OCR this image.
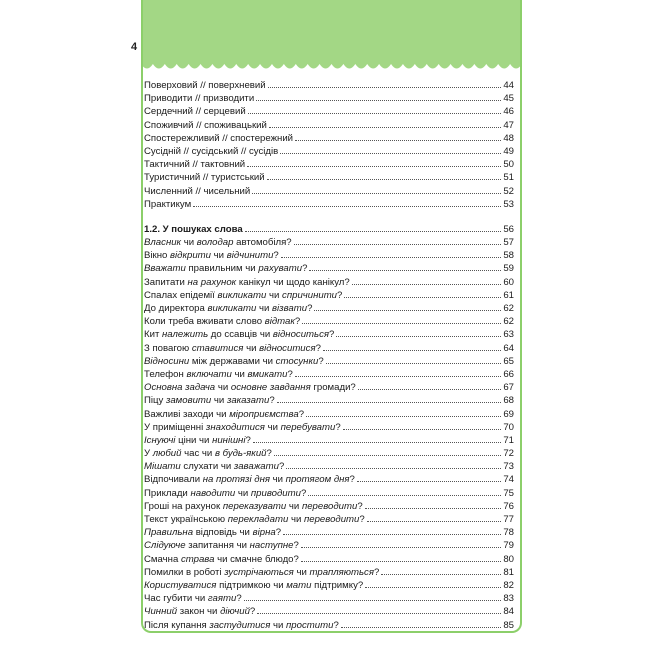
4
Поверховий // поверхневий	44
Приводити // призводити	45
Сердечний // серцевий	46
Споживчий // споживацький	47
Спостережливий // спостережний	48
Сусідній // сусідський // сусідів	49
Тактичний // тактовний	50
Туристичний // туристський	51
Численний // чисельний	52
Практикум	53
1.2. У пошуках слова	56
Власник чи володар автомобіля?	57
Вікно відкрити чи відчинити?	58
Вважати правильним чи рахувати?	59
Запитати на рахунок канікул чи щодо канікул?	60
Спалах епідемії викликати чи спричинити?	61
До директора викликати чи візвати?	62
Коли треба вживати слово відтак?	62
Кит належить до ссавців чи відноситься?	63
З повагою ставитися чи відноситися?	64
Відносини між державами чи стосунки?	65
Телефон включати чи вмикати?	66
Основна задача чи основне завдання громади?	67
Піцу замовити чи заказати?	68
Важливі заходи чи міроприємства?	69
У приміщенні знаходитися чи перебувати?	70
Існуючі ціни чи нинішні?	71
У любий час чи в будь-який?	72
Мішати слухати чи заважати?	73
Відпочивали на протязі дня чи протягом дня?	74
Приклади наводити чи приводити?	75
Гроші на рахунок переказувати чи переводити?	76
Текст українською перекладати чи переводити?	77
Правильна відповідь чи вірна?	78
Слідуюче запитання чи наступне?	79
Смачна страва чи смачне блюдо?	80
Помилки в роботі зустрічаються чи трапляються?	81
Користуватися підтримкою чи мати підтримку?	82
Час губити чи гаяти?	83
Чинний закон чи діючий?	84
Після купання застудитися чи простити?	85
